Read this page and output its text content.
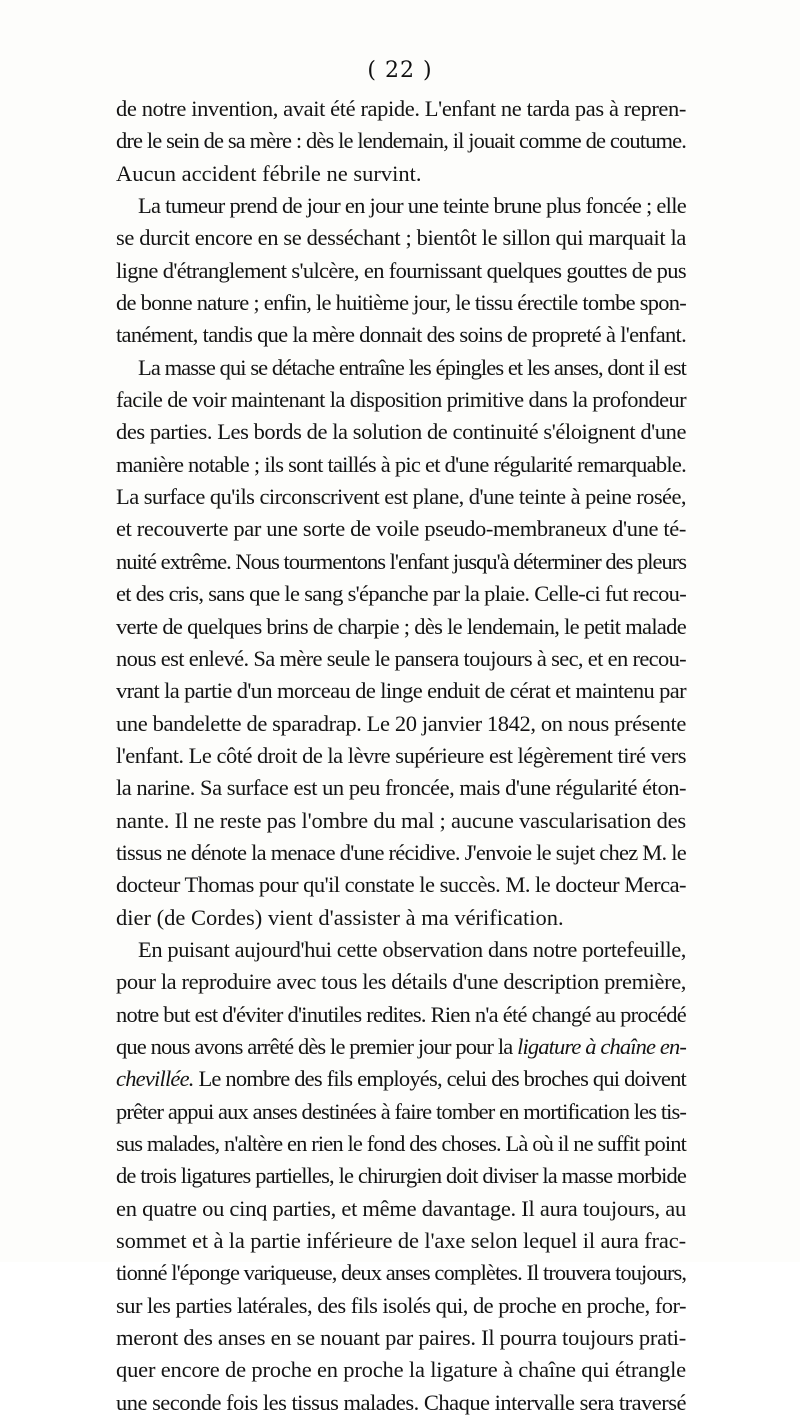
( 22 )
de notre invention, avait été rapide. L'enfant ne tarda pas à repren-
dre le sein de sa mère : dès le lendemain, il jouait comme de coutume.
Aucun accident fébrile ne survint.
La tumeur prend de jour en jour une teinte brune plus foncée ; elle
se durcit encore en se desséchant ; bientôt le sillon qui marquait la
ligne d'étranglement s'ulcère, en fournissant quelques gouttes de pus
de bonne nature ; enfin, le huitième jour, le tissu érectile tombe spon-
tanément, tandis que la mère donnait des soins de propreté à l'enfant.
La masse qui se détache entraîne les épingles et les anses, dont il est
facile de voir maintenant la disposition primitive dans la profondeur
des parties. Les bords de la solution de continuité s'éloignent d'une
manière notable ; ils sont taillés à pic et d'une régularité remarquable.
La surface qu'ils circonscrivent est plane, d'une teinte à peine rosée,
et recouverte par une sorte de voile pseudo-membraneux d'une té-
nuité extrême. Nous tourmentons l'enfant jusqu'à déterminer des pleurs
et des cris, sans que le sang s'épanche par la plaie. Celle-ci fut recou-
verte de quelques brins de charpie ; dès le lendemain, le petit malade
nous est enlevé. Sa mère seule le pansera toujours à sec, et en recou-
vrant la partie d'un morceau de linge enduit de cérat et maintenu par
une bandelette de sparadrap. Le 20 janvier 1842, on nous présente
l'enfant. Le côté droit de la lèvre supérieure est légèrement tiré vers
la narine. Sa surface est un peu froncée, mais d'une régularité éton-
nante. Il ne reste pas l'ombre du mal ; aucune vascularisation des
tissus ne dénote la menace d'une récidive. J'envoie le sujet chez M. le
docteur Thomas pour qu'il constate le succès. M. le docteur Merca-
dier (de Cordes) vient d'assister à ma vérification.
En puisant aujourd'hui cette observation dans notre portefeuille,
pour la reproduire avec tous les détails d'une description première,
notre but est d'éviter d'inutiles redites. Rien n'a été changé au procédé
que nous avons arrêté dès le premier jour pour la ligature à chaîne en-
chevillée. Le nombre des fils employés, celui des broches qui doivent
prêter appui aux anses destinées à faire tomber en mortification les tis-
sus malades, n'altère en rien le fond des choses. Là où il ne suffit point
de trois ligatures partielles, le chirurgien doit diviser la masse morbide
en quatre ou cinq parties, et même davantage. Il aura toujours, au
sommet et à la partie inférieure de l'axe selon lequel il aura frac-
tionné l'éponge variqueuse, deux anses complètes. Il trouvera toujours,
sur les parties latérales, des fils isolés qui, de proche en proche, for-
meront des anses en se nouant par paires. Il pourra toujours prati-
quer encore de proche en proche la ligature à chaîne qui étrangle
une seconde fois les tissus malades. Chaque intervalle sera traversé
